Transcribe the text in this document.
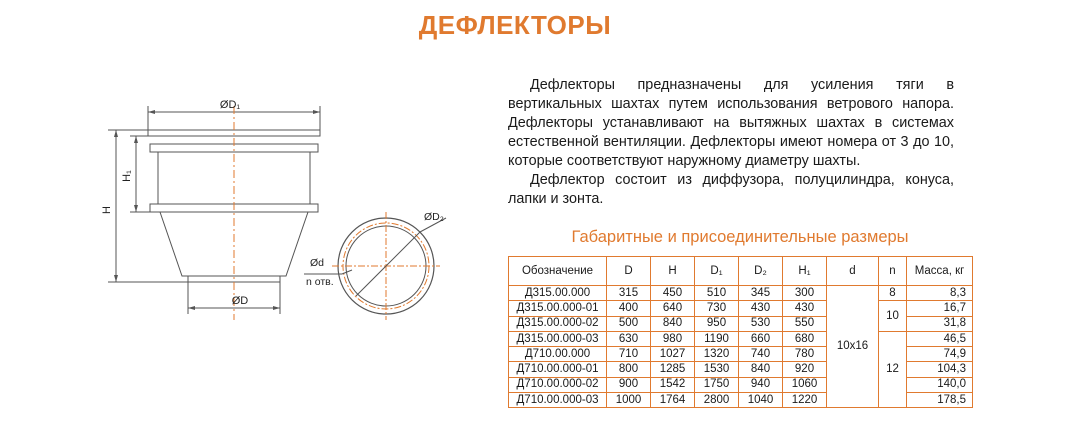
ДЕФЛЕКТОРЫ
ØD₁
ØD
H
H₁
ØD₂
Ød
n отв.

Дефлекторы предназначены для усиления тяги в вертикальных шахтах путем использования ветрового напора. Дефлекторы устанавливают на вытяжных шахтах в системах естественной вентиляции. Дефлекторы имеют номера от 3 до 10, которые соответствуют наружному диаметру шахты.

Дефлектор состоит из диффузора, полуцилиндра, конуса, лапки и зонта.

Габаритные и присоединительные размеры
Обозначение	D	H	D₁	D₂	H₁	d	n	Масса, кг
Д315.00.000	315	450	510	345	300	10x16	8	8,3
Д315.00.000-01	400	640	730	430	430		10	16,7
Д315.00.000-02	500	840	950	530	550			31,8
Д315.00.000-03	630	980	1190	660	680		12	46,5
Д710.00.000	710	1027	1320	740	780			74,9
Д710.00.000-01	800	1285	1530	840	920			104,3
Д710.00.000-02	900	1542	1750	940	1060			140,0
Д710.00.000-03	1000	1764	2800	1040	1220			178,5
